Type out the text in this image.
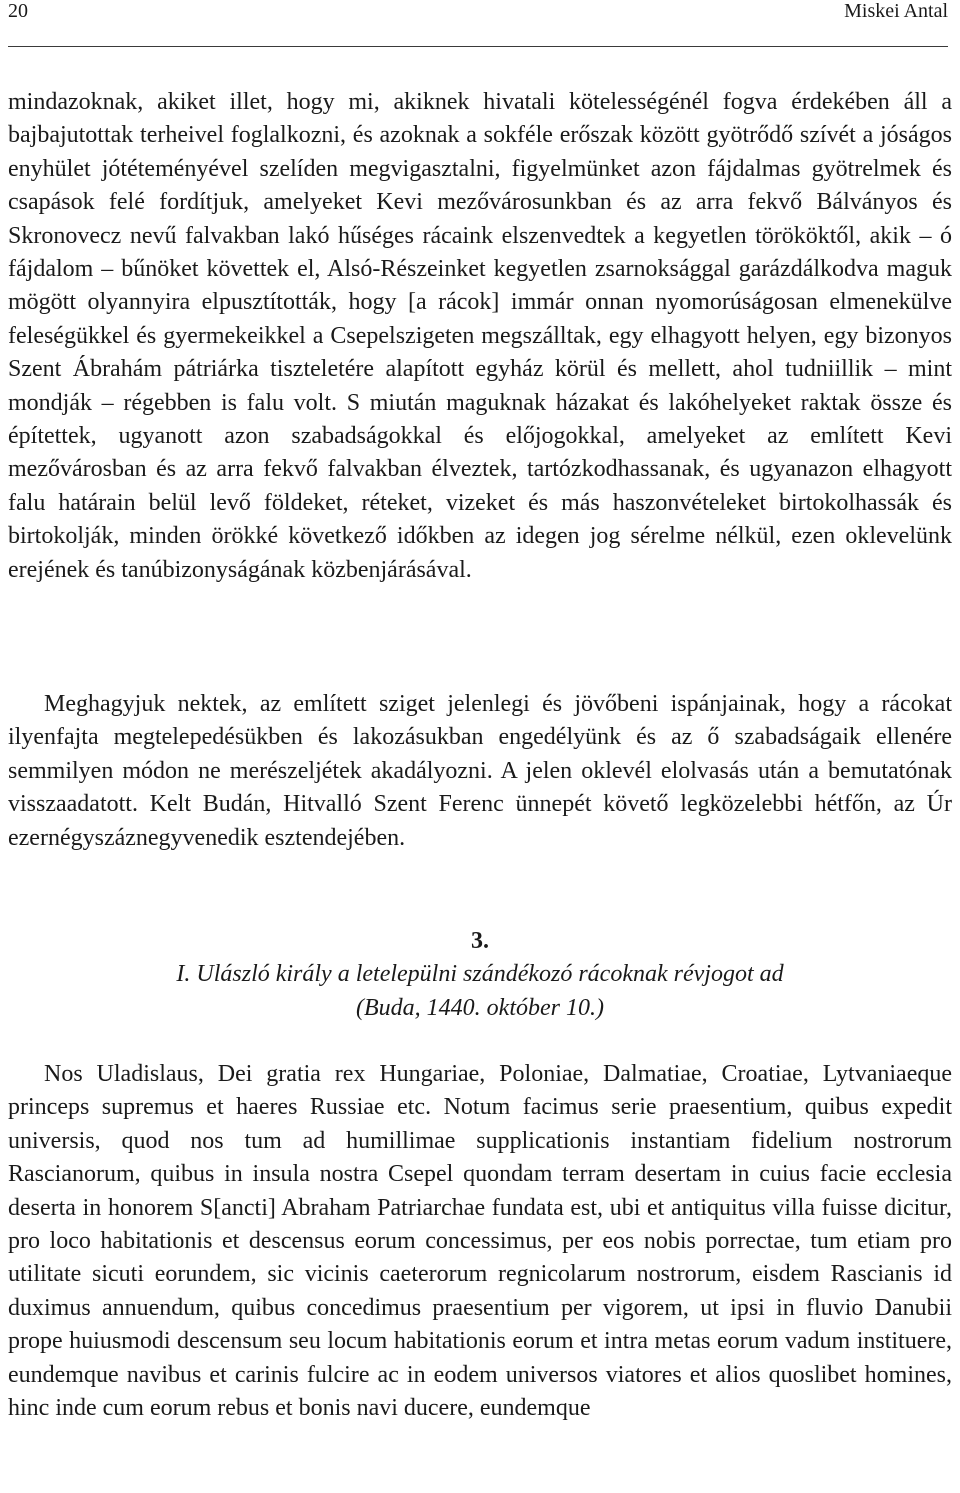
20	Miskei Antal

mindazoknak, akiket illet, hogy mi, akiknek hivatali kötelességénél fogva érdekében áll a bajbajutottak terheivel foglalkozni, és azoknak a sokféle erőszak között gyötrődő szívét a jóságos enyhület jótéteményével szelíden megvigasztalni, figyelmünket azon fájdalmas gyötrelmek és csapások felé fordítjuk, amelyeket Kevi mezővárosunkban és az arra fekvő Bálványos és Skronovecz nevű falvakban lakó hűséges rácaink elszenvedtek a kegyetlen törököktől, akik – ó fájdalom – bűnöket követtek el, Alsó-Részeinket kegyetlen zsarnoksággal garázdálkodva maguk mögött olyannyira elpusztították, hogy [a rácok] immár onnan nyomorúságosan elmenekülve feleségükkel és gyermekeikkel a Csepelszigeten megszálltak, egy elhagyott helyen, egy bizonyos Szent Ábrahám pátriárka tiszteletére alapított egyház körül és mellett, ahol tudniillik – mint mondják – régebben is falu volt. S miután maguknak házakat és lakóhelyeket raktak össze és építettek, ugyanott azon szabadságokkal és előjogokkal, amelyeket az említett Kevi mezővárosban és az arra fekvő falvakban élveztek, tartózkodhassanak, és ugyanazon elhagyott falu határain belül levő földeket, réteket, vizeket és más haszonvételeket birtokolhassák és birtokolják, minden örökké következő időkben az idegen jog sérelme nélkül, ezen oklevelünk erejének és tanúbizonyságának közbenjárásával.

Meghagyjuk nektek, az említett sziget jelenlegi és jövőbeni ispánjainak, hogy a rácokat ilyenfajta megtelepedésükben és lakozásukban engedélyünk és az ő szabadságaik ellenére semmilyen módon ne merészeljétek akadályozni. A jelen oklevél elolvasás után a bemutatónak visszaadatott. Kelt Budán, Hitvalló Szent Ferenc ünnepét követő legközelebbi hétfőn, az Úr ezernégyszáznegyvenedik esztendejében.

3.
I. Ulászló király a letelepülni szándékozó rácoknak révjogot ad
(Buda, 1440. október 10.)

Nos Uladislaus, Dei gratia rex Hungariae, Poloniae, Dalmatiae, Croatiae, Lytvaniaeque princeps supremus et haeres Russiae etc. Notum facimus serie praesentium, quibus expedit universis, quod nos tum ad humillimae supplicationis instantiam fidelium nostrorum Rascianorum, quibus in insula nostra Csepel quondam terram desertam in cuius facie ecclesia deserta in honorem S[ancti] Abraham Patriarchae fundata est, ubi et antiquitus villa fuisse dicitur, pro loco habitationis et descensus eorum concessimus, per eos nobis porrectae, tum etiam pro utilitate sicuti eorundem, sic vicinis caeterorum regnicolarum nostrorum, eisdem Rascianis id duximus annuendum, quibus concedimus praesentium per vigorem, ut ipsi in fluvio Danubii prope huiusmodi descensum seu locum habitationis eorum et intra metas eorum vadum instituere, eundemque navibus et carinis fulcire ac in eodem universos viatores et alios quoslibet homines, hinc inde cum eorum rebus et bonis navi ducere, eundemque
